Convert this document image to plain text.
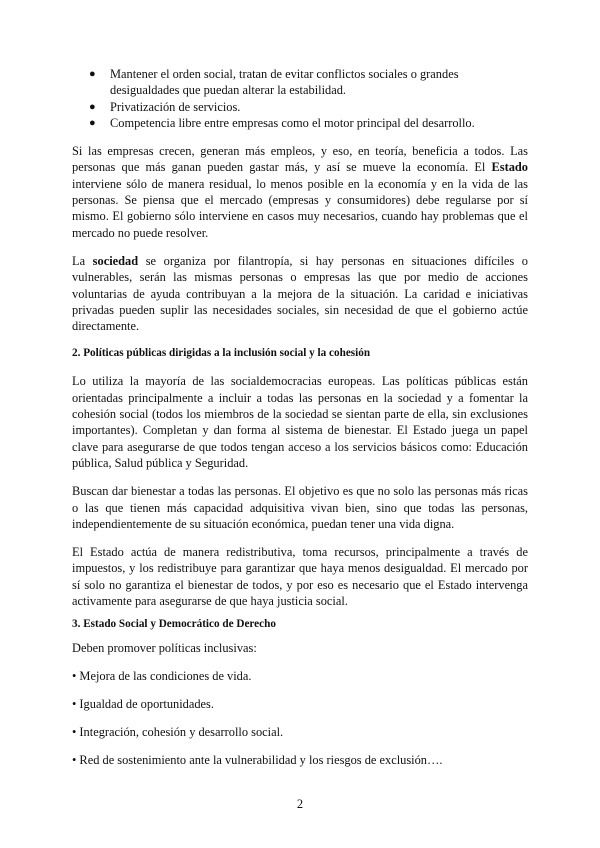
● Mantener el orden social, tratan de evitar conflictos sociales o grandes desigualdades que puedan alterar la estabilidad.
● Privatización de servicios.
● Competencia libre entre empresas como el motor principal del desarrollo.

Si las empresas crecen, generan más empleos, y eso, en teoría, beneficia a todos. Las personas que más ganan pueden gastar más, y así se mueve la economía. El Estado interviene sólo de manera residual, lo menos posible en la economía y en la vida de las personas. Se piensa que el mercado (empresas y consumidores) debe regularse por sí mismo. El gobierno sólo interviene en casos muy necesarios, cuando hay problemas que el mercado no puede resolver.

La sociedad se organiza por filantropía, si hay personas en situaciones difíciles o vulnerables, serán las mismas personas o empresas las que por medio de acciones voluntarias de ayuda contribuyan a la mejora de la situación. La caridad e iniciativas privadas pueden suplir las necesidades sociales, sin necesidad de que el gobierno actúe directamente.

2. Políticas públicas dirigidas a la inclusión social y la cohesión

Lo utiliza la mayoría de las socialdemocracias europeas. Las políticas públicas están orientadas principalmente a incluir a todas las personas en la sociedad y a fomentar la cohesión social (todos los miembros de la sociedad se sientan parte de ella, sin exclusiones importantes). Completan y dan forma al sistema de bienestar. El Estado juega un papel clave para asegurarse de que todos tengan acceso a los servicios básicos como: Educación pública, Salud pública y Seguridad.

Buscan dar bienestar a todas las personas. El objetivo es que no solo las personas más ricas o las que tienen más capacidad adquisitiva vivan bien, sino que todas las personas, independientemente de su situación económica, puedan tener una vida digna.

El Estado actúa de manera redistributiva, toma recursos, principalmente a través de impuestos, y los redistribuye para garantizar que haya menos desigualdad. El mercado por sí solo no garantiza el bienestar de todos, y por eso es necesario que el Estado intervenga activamente para asegurarse de que haya justicia social.

3. Estado Social y Democrático de Derecho

Deben promover políticas inclusivas:

• Mejora de las condiciones de vida.

• Igualdad de oportunidades.

• Integración, cohesión y desarrollo social.

• Red de sostenimiento ante la vulnerabilidad y los riesgos de exclusión….

2
